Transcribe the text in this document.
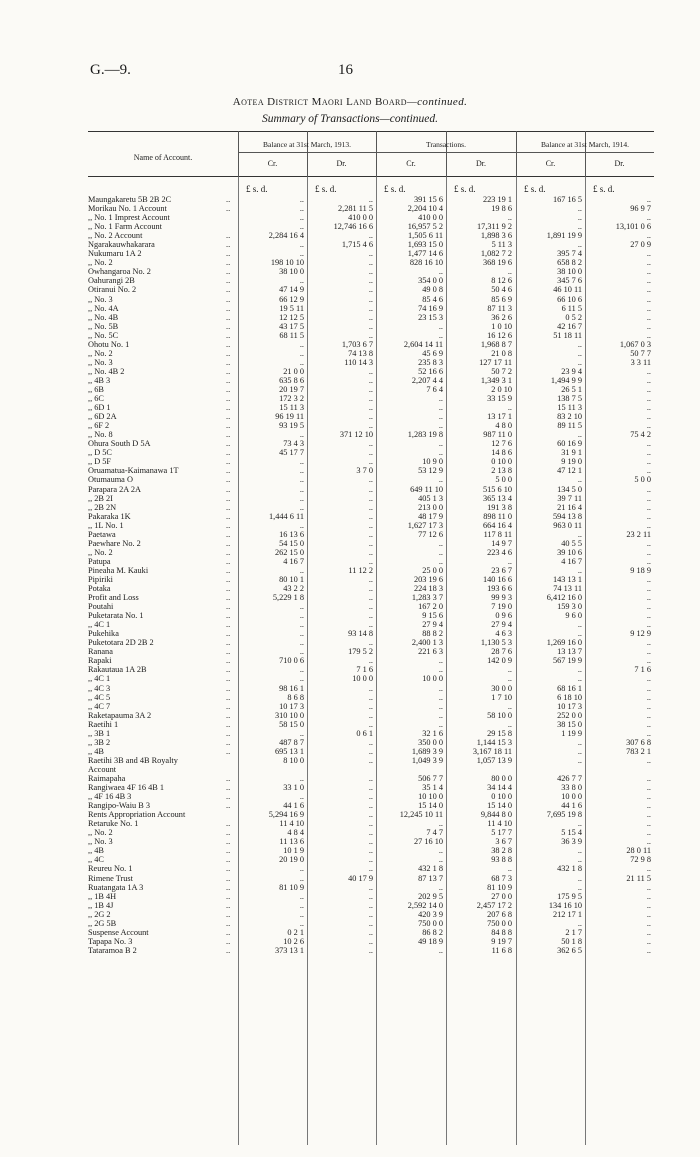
G.—9.	16
Aotea District Maori Land Board—continued.
Summary of Transactions—continued.
Name of Account.
Balance at 31st March, 1913.	Transactions.	Balance at 31st March, 1914.
Cr.	Dr.	Cr.	Dr.	Cr.	Dr.
£ s. d.	£ s. d.	£ s. d.	£ s. d.	£ s. d.	£ s. d.
Maungakaretu 5B 2B 2C	..	..	..	391 15 6	223 19 1	167 16 5	..
Morikau No. 1 Account	..	..	2,281 11 5	2,204 10 4	19 8 6	..	96 9 7
,, No. 1 Imprest Account	..	410 0 0	410 0 0	..	..	..
,, No. 1 Farm Account	..	12,746 16 6	16,957 5 2	17,311 9 2	..	13,101 0 6
,, No. 2 Account	..	2,284 16 4	..	1,505 6 11	1,898 3 6	1,891 19 9	..
Ngarakauwhakarara	..	..	1,715 4 6	1,693 15 0	5 11 3	..	27 0 9
Nukumaru 1A 2	..	..	..	1,477 14 6	1,082 7 2	395 7 4	..
,, No. 2	..	198 10 10	..	828 16 10	368 19 6	658 8 2	..
Owhangaroa No. 2	..	38 10 0	..	..	..	38 10 0	..
Oahurangi 2B	..	..	..	354 0 0	8 12 6	345 7 6	..
Otiranui No. 2	..	47 14 9	..	49 0 8	50 4 6	46 10 11	..
,, No. 3	..	66 12 9	..	85 4 6	85 6 9	66 10 6	..
,, No. 4A	..	19 5 11	..	74 16 9	87 11 3	6 11 5	..
,, No. 4B	..	12 12 5	..	23 15 3	36 2 6	0 5 2	..
,, No. 5B	..	43 17 5	..	..	1 0 10	42 16 7	..
,, No. 5C	..	68 11 5	..	..	16 12 6	51 18 11	..
Ohotu No. 1	..	..	1,703 6 7	2,604 14 11	1,968 8 7	..	1,067 0 3
,, No. 2	..	..	74 13 8	45 6 9	21 0 8	..	50 7 7
,, No. 3	..	..	110 14 3	235 8 3	127 17 11	..	3 3 11
,, No. 4B 2	..	21 0 0	..	52 16 6	50 7 2	23 9 4	..
,, 4B 3	..	635 8 6	..	2,207 4 4	1,349 3 1	1,494 9 9	..
,, 6B	..	20 19 7	..	7 6 4	2 0 10	26 5 1	..
,, 6C	..	172 3 2	..	..	33 15 9	138 7 5	..
,, 6D 1	..	15 11 3	..	..	..	15 11 3	..
,, 6D 2A	..	96 19 11	..	..	13 17 1	83 2 10	..
,, 6F 2	..	93 19 5	..	..	4 8 0	89 11 5	..
,, No. 8	..	..	371 12 10	1,283 19 8	987 11 0	..	75 4 2
Ohura South D 5A	..	73 4 3	..	..	12 7 6	60 16 9	..
,, D 5C	..	45 17 7	..	..	14 8 6	31 9 1	..
,, D 5F	..	..	..	10 9 0	0 10 0	9 19 0	..
Oruamatua-Kaimanawa 1T	..	..	3 7 0	53 12 9	2 13 8	47 12 1	..
Otumauma O	..	..	..	..	5 0 0	..	5 0 0
Parapara 2A 2A	..	..	..	649 11 10	515 6 10	134 5 0	..
,, 2B 2I	..	..	..	405 1 3	365 13 4	39 7 11	..
,, 2B 2N	..	..	..	213 0 0	191 3 8	21 16 4	..
Pakaraka 1K	..	1,444 6 11	..	48 17 9	898 11 0	594 13 8	..
,, 1L No. 1	..	..	..	1,627 17 3	664 16 4	963 0 11	..
Paetawa	..	16 13 6	..	77 12 6	117 8 11	..	23 2 11
Paewhare No. 2	..	54 15 0	..	..	14 9 7	40 5 5	..
,, No. 2	..	262 15 0	..	..	223 4 6	39 10 6	..
Patupa	..	4 16 7	..	..	..	4 16 7	..
Pineaha M. Kauki	..	..	11 12 2	25 0 0	23 6 7	..	9 18 9
Pipiriki	..	80 10 1	..	203 19 6	140 16 6	143 13 1	..
Potaka	..	43 2 2	..	224 18 3	193 6 6	74 13 11	..
Profit and Loss	..	5,229 1 8	..	1,283 3 7	99 9 3	6,412 16 0	..
Poutahi	..	..	..	167 2 0	7 19 0	159 3 0	..
Puketarata No. 1	..	..	..	9 15 6	0 9 6	9 6 0	..
,, 4C 1	..	..	..	27 9 4	27 9 4	..	..
Pukehika	..	..	93 14 8	88 8 2	4 6 3	..	9 12 9
Puketotara 2D 2B 2	..	..	..	2,400 1 3	1,130 5 3	1,269 16 0	..
Ranana	..	..	179 5 2	221 6 3	28 7 6	13 13 7	..
Rapaki	..	710 0 6	..	..	142 0 9	567 19 9	..
Rakautaua 1A 2B	..	..	7 1 6	..	..	..	7 1 6
,, 4C 1	..	..	10 0 0	10 0 0	..	..	..
,, 4C 3	..	98 16 1	..	..	30 0 0	68 16 1	..
,, 4C 5	..	8 6 8	..	..	1 7 10	6 18 10	..
,, 4C 7	..	10 17 3	..	..	..	10 17 3	..
Raketapauma 3A 2	..	310 10 0	..	..	58 10 0	252 0 0	..
Raetihi 1	..	58 15 0	..	..	..	38 15 0	..
,, 3B 1	..	..	0 6 1	32 1 6	29 15 8	1 19 9	..
,, 3B 2	..	487 8 7	..	350 0 0	1,144 15 3	..	307 6 8
,, 4B	..	695 13 1	..	1,689 3 9	3,167 18 11	..	783 2 1
Raetihi 3B and 4B Royalty	8 10 0	..	1,049 3 9	1,057 13 9	..	..
Account
Raimapaha	..	..	..	506 7 7	80 0 0	426 7 7	..
Rangiwaea 4F 16 4B 1	..	33 1 0	..	35 1 4	34 14 4	33 8 0	..
,, 4F 16 4B 3	..	..	..	10 10 0	0 10 0	10 0 0	..
Rangipo-Waiu B 3	..	44 1 6	..	15 14 0	15 14 0	44 1 6	..
Rents Appropriation Account	5,294 16 9	..	12,245 10 11	9,844 8 0	7,695 19 8	..
Retaruke No. 1	..	11 4 10	..	..	11 4 10	..	..
,, No. 2	..	4 8 4	..	7 4 7	5 17 7	5 15 4	..
,, No. 3	..	11 13 6	..	27 16 10	3 6 7	36 3 9	..
,, 4B	..	10 1 9	..	..	38 2 8	..	28 0 11
,, 4C	..	20 19 0	..	..	93 8 8	..	72 9 8
Reureu No. 1	..	..	..	432 1 8	..	432 1 8	..
Rimene Trust	..	..	40 17 9	87 13 7	68 7 3	..	21 11 5
Ruatangata 1A 3	..	81 10 9	..	..	81 10 9	..	..
,, 1B 4H	..	..	..	202 9 5	27 0 0	175 9 5	..
,, 1B 4J	..	..	..	2,592 14 0	2,457 17 2	134 16 10	..
,, 2G 2	..	..	..	420 3 9	207 6 8	212 17 1	..
,, 2G 5B	..	..	..	750 0 0	750 0 0	..	..
Suspense Account	..	0 2 1	..	86 8 2	84 8 8	2 1 7	..
Tapapa No. 3	..	10 2 6	..	49 18 9	9 19 7	50 1 8	..
Tataramoa B 2	..	373 13 1	..	..	11 6 8	362 6 5	..
